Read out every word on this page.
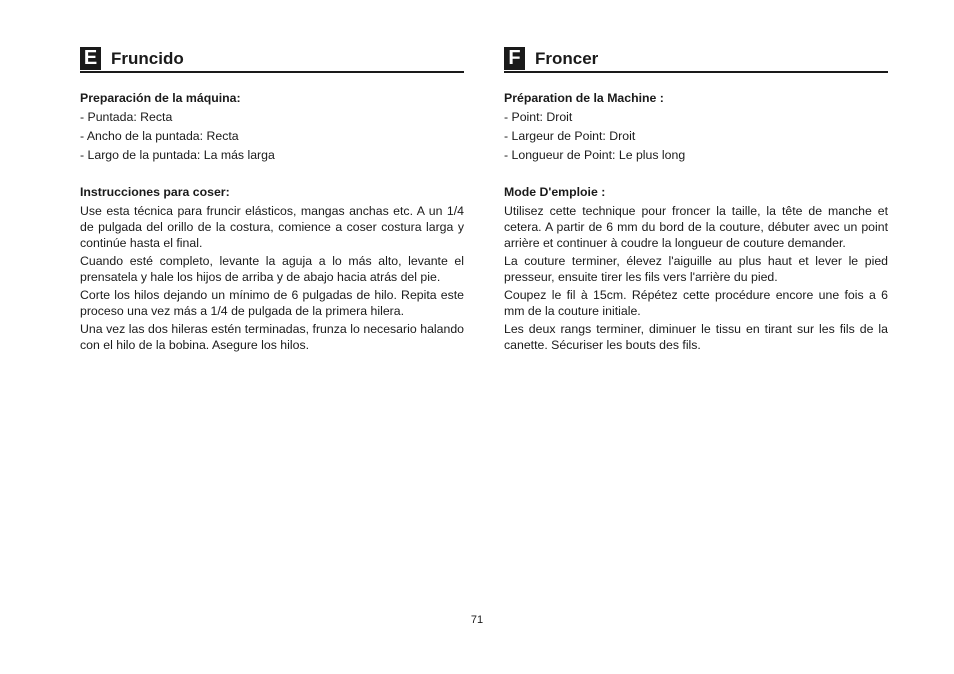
E Fruncido
Preparación de la máquina:
- Puntada: Recta
- Ancho de la puntada: Recta
- Largo de la puntada: La más larga
Instrucciones para coser:

Use esta técnica para fruncir elásticos, mangas anchas etc. A un 1/4 de pulgada del orillo de la costura, comience a coser costura larga y continúe hasta el final.

Cuando esté completo, levante la aguja a lo más alto, levante el prensatela y hale los hijos de arriba y de abajo hacia atrás del pie.

Corte los hilos dejando un mínimo de 6 pulgadas de hilo. Repita este proceso una vez más a 1/4 de pulgada de la primera hilera.

Una vez las dos hileras estén terminadas, frunza lo necesario halando con el hilo de la bobina. Asegure los hilos.

F Froncer
Préparation de la Machine :
- Point: Droit
- Largeur de Point: Droit
- Longueur de Point: Le plus long
Mode D'emploie :

Utilisez cette technique pour froncer la taille, la tête de manche et cetera. A partir de 6 mm du bord de la couture, débuter avec un point arrière et continuer à coudre la longueur de couture demander.

La couture terminer, élevez l'aiguille au plus haut et lever le pied presseur, ensuite tirer les fils vers l'arrière du pied.

Coupez le fil à 15cm. Répétez cette procédure encore une fois a 6 mm de la couture initiale.

Les deux rangs terminer, diminuer le tissu en tirant sur les fils de la canette. Sécuriser les bouts des fils.

71
